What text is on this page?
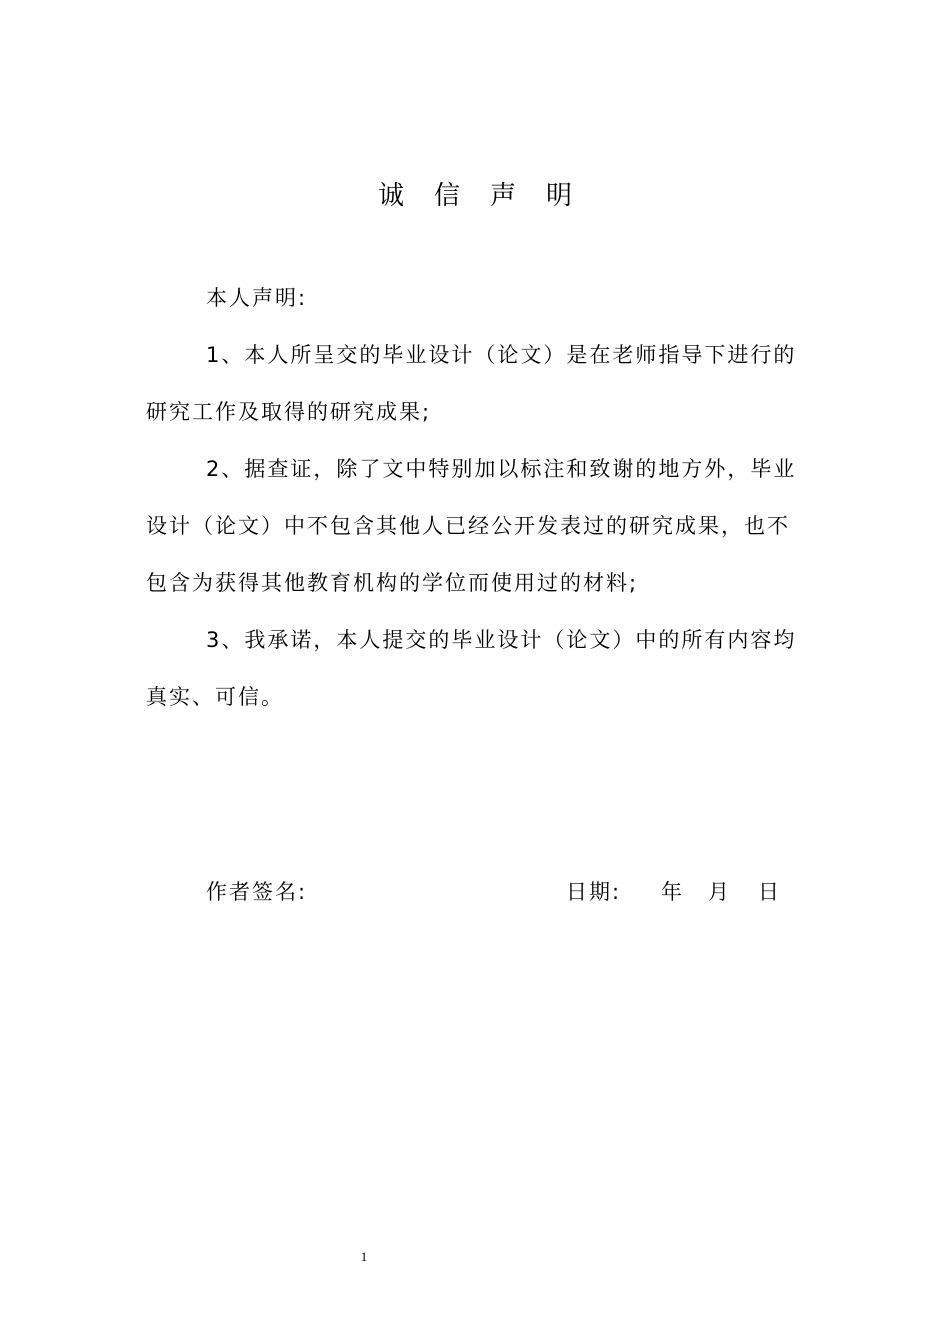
诚信声明

本人声明:

1、本人所呈交的毕业设计（论文）是在老师指导下进行的研究工作及取得的研究成果;

2、据查证，除了文中特别加以标注和致谢的地方外，毕业设计（论文）中不包含其他人已经公开发表过的研究成果，也不包含为获得其他教育机构的学位而使用过的材料;

3、我承诺，本人提交的毕业设计（论文）中的所有内容均真实、可信。

作者签名:	日期: 年 月 日
1
